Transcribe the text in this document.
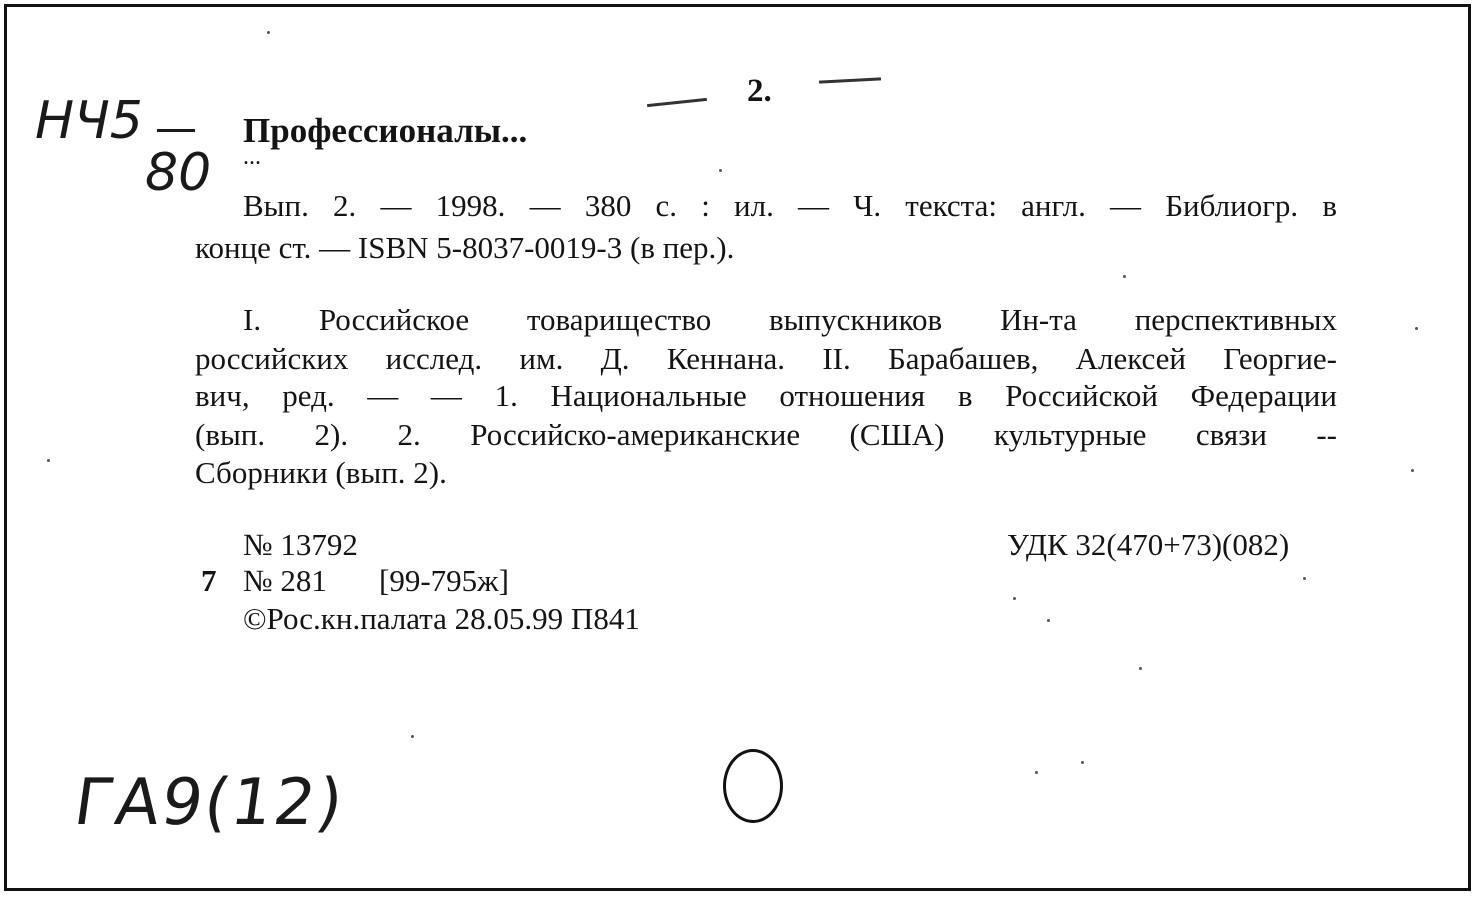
НЧ5
80
2.
Профессионалы...
...
Вып. 2. — 1998. — 380 с. : ил. — Ч. текста: англ. — Библиогр. в
конце ст. — ISBN 5-8037-0019-3 (в пер.).
I. Российское товарищество выпускников Ин-та перспективных
российских исслед. им. Д. Кеннана. II. Барабашев, Алексей Георгие-
вич, ред. — — 1. Национальные отношения в Российской Федерации
(вып. 2). 2. Российско-американские (США) культурные связи --
Сборники (вып. 2).
№ 13792	УДК 32(470+73)(082)
7 № 281 [99-795ж]
©Рос.кн.палата 28.05.99 П841
ГА9(12)
